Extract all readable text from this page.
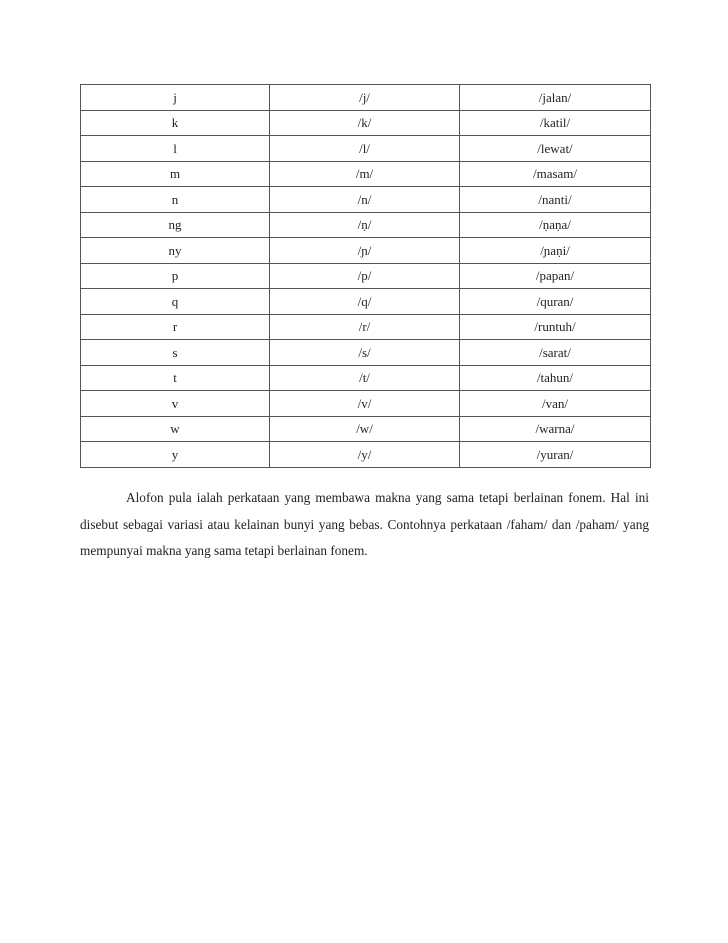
j	/j/	/jalan/
k	/k/	/katil/
l	/l/	/lewat/
m	/m/	/masam/
n	/n/	/nanti/
ng	/ṇ/	/ṇaṇa/
ny	/ɲ/	/ɲaṇi/
p	/p/	/papan/
q	/q/	/quran/
r	/r/	/runtuh/
s	/s/	/sarat/
t	/t/	/tahun/
v	/v/	/van/
w	/w/	/warna/
y	/y/	/yuran/

Alofon pula ialah perkataan yang membawa makna yang sama tetapi berlainan fonem. Hal ini disebut sebagai variasi atau kelainan bunyi yang bebas. Contohnya perkataan /faham/ dan /paham/ yang mempunyai makna yang sama tetapi berlainan fonem.
